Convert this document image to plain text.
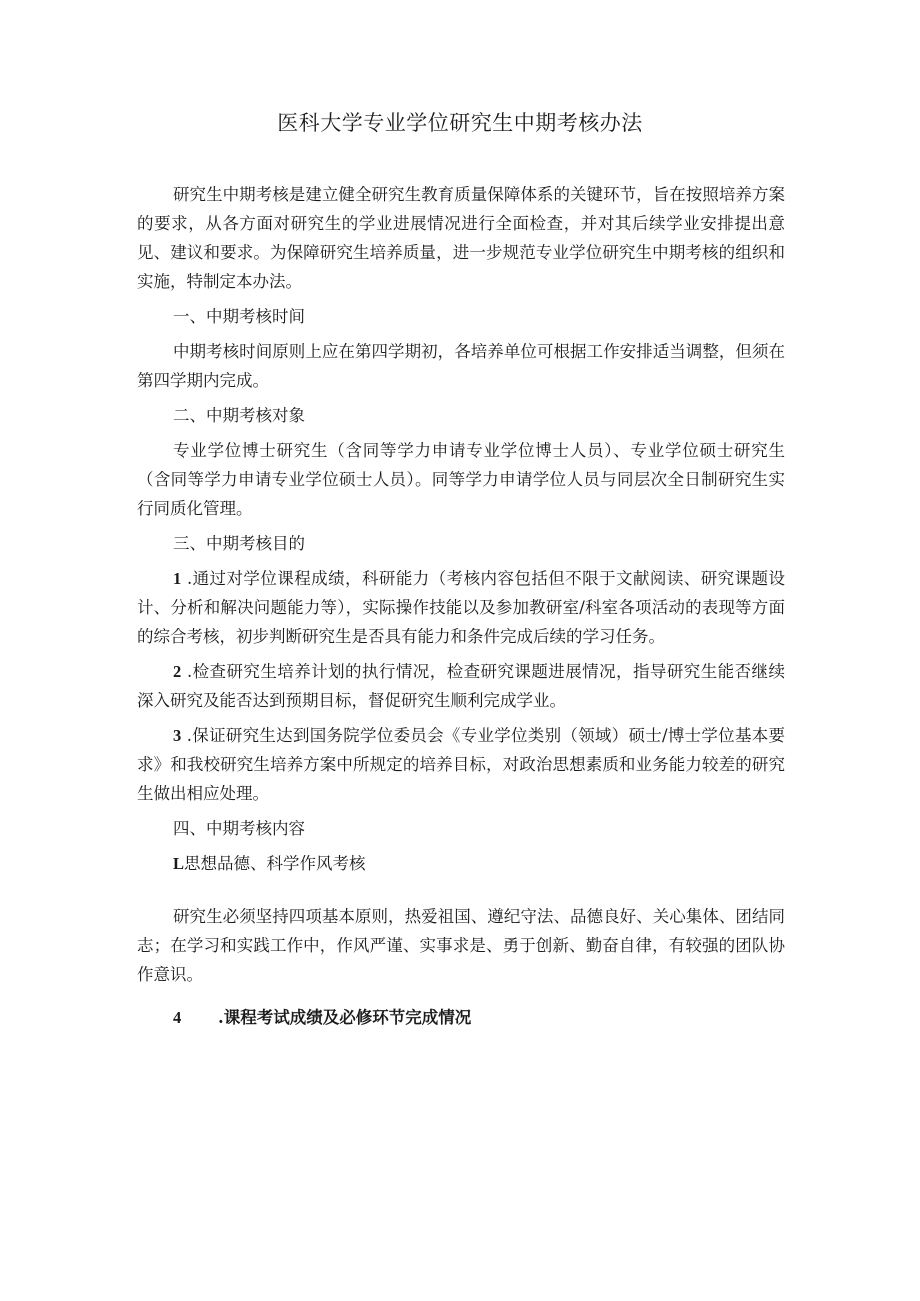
医科大学专业学位研究生中期考核办法

研究生中期考核是建立健全研究生教育质量保障体系的关键环节，旨在按照培养方案的要求，从各方面对研究生的学业进展情况进行全面检查，并对其后续学业安排提出意见、建议和要求。为保障研究生培养质量，进一步规范专业学位研究生中期考核的组织和实施，特制定本办法。

一、中期考核时间

中期考核时间原则上应在第四学期初，各培养单位可根据工作安排适当调整，但须在第四学期内完成。

二、中期考核对象

专业学位博士研究生（含同等学力申请专业学位博士人员）、专业学位硕士研究生（含同等学力申请专业学位硕士人员）。同等学力申请学位人员与同层次全日制研究生实行同质化管理。

三、中期考核目的

1 .通过对学位课程成绩，科研能力（考核内容包括但不限于文献阅读、研究课题设计、分析和解决问题能力等），实际操作技能以及参加教研室/科室各项活动的表现等方面的综合考核，初步判断研究生是否具有能力和条件完成后续的学习任务。

2 .检查研究生培养计划的执行情况，检查研究课题进展情况，指导研究生能否继续深入研究及能否达到预期目标，督促研究生顺利完成学业。

3 .保证研究生达到国务院学位委员会《专业学位类别（领域）硕士/博士学位基本要求》和我校研究生培养方案中所规定的培养目标，对政治思想素质和业务能力较差的研究生做出相应处理。

四、中期考核内容

L思想品德、科学作风考核

研究生必须坚持四项基本原则，热爱祖国、遵纪守法、品德良好、关心集体、团结同志；在学习和实践工作中，作风严谨、实事求是、勇于创新、勤奋自律，有较强的团队协作意识。

4 .课程考试成绩及必修环节完成情况
